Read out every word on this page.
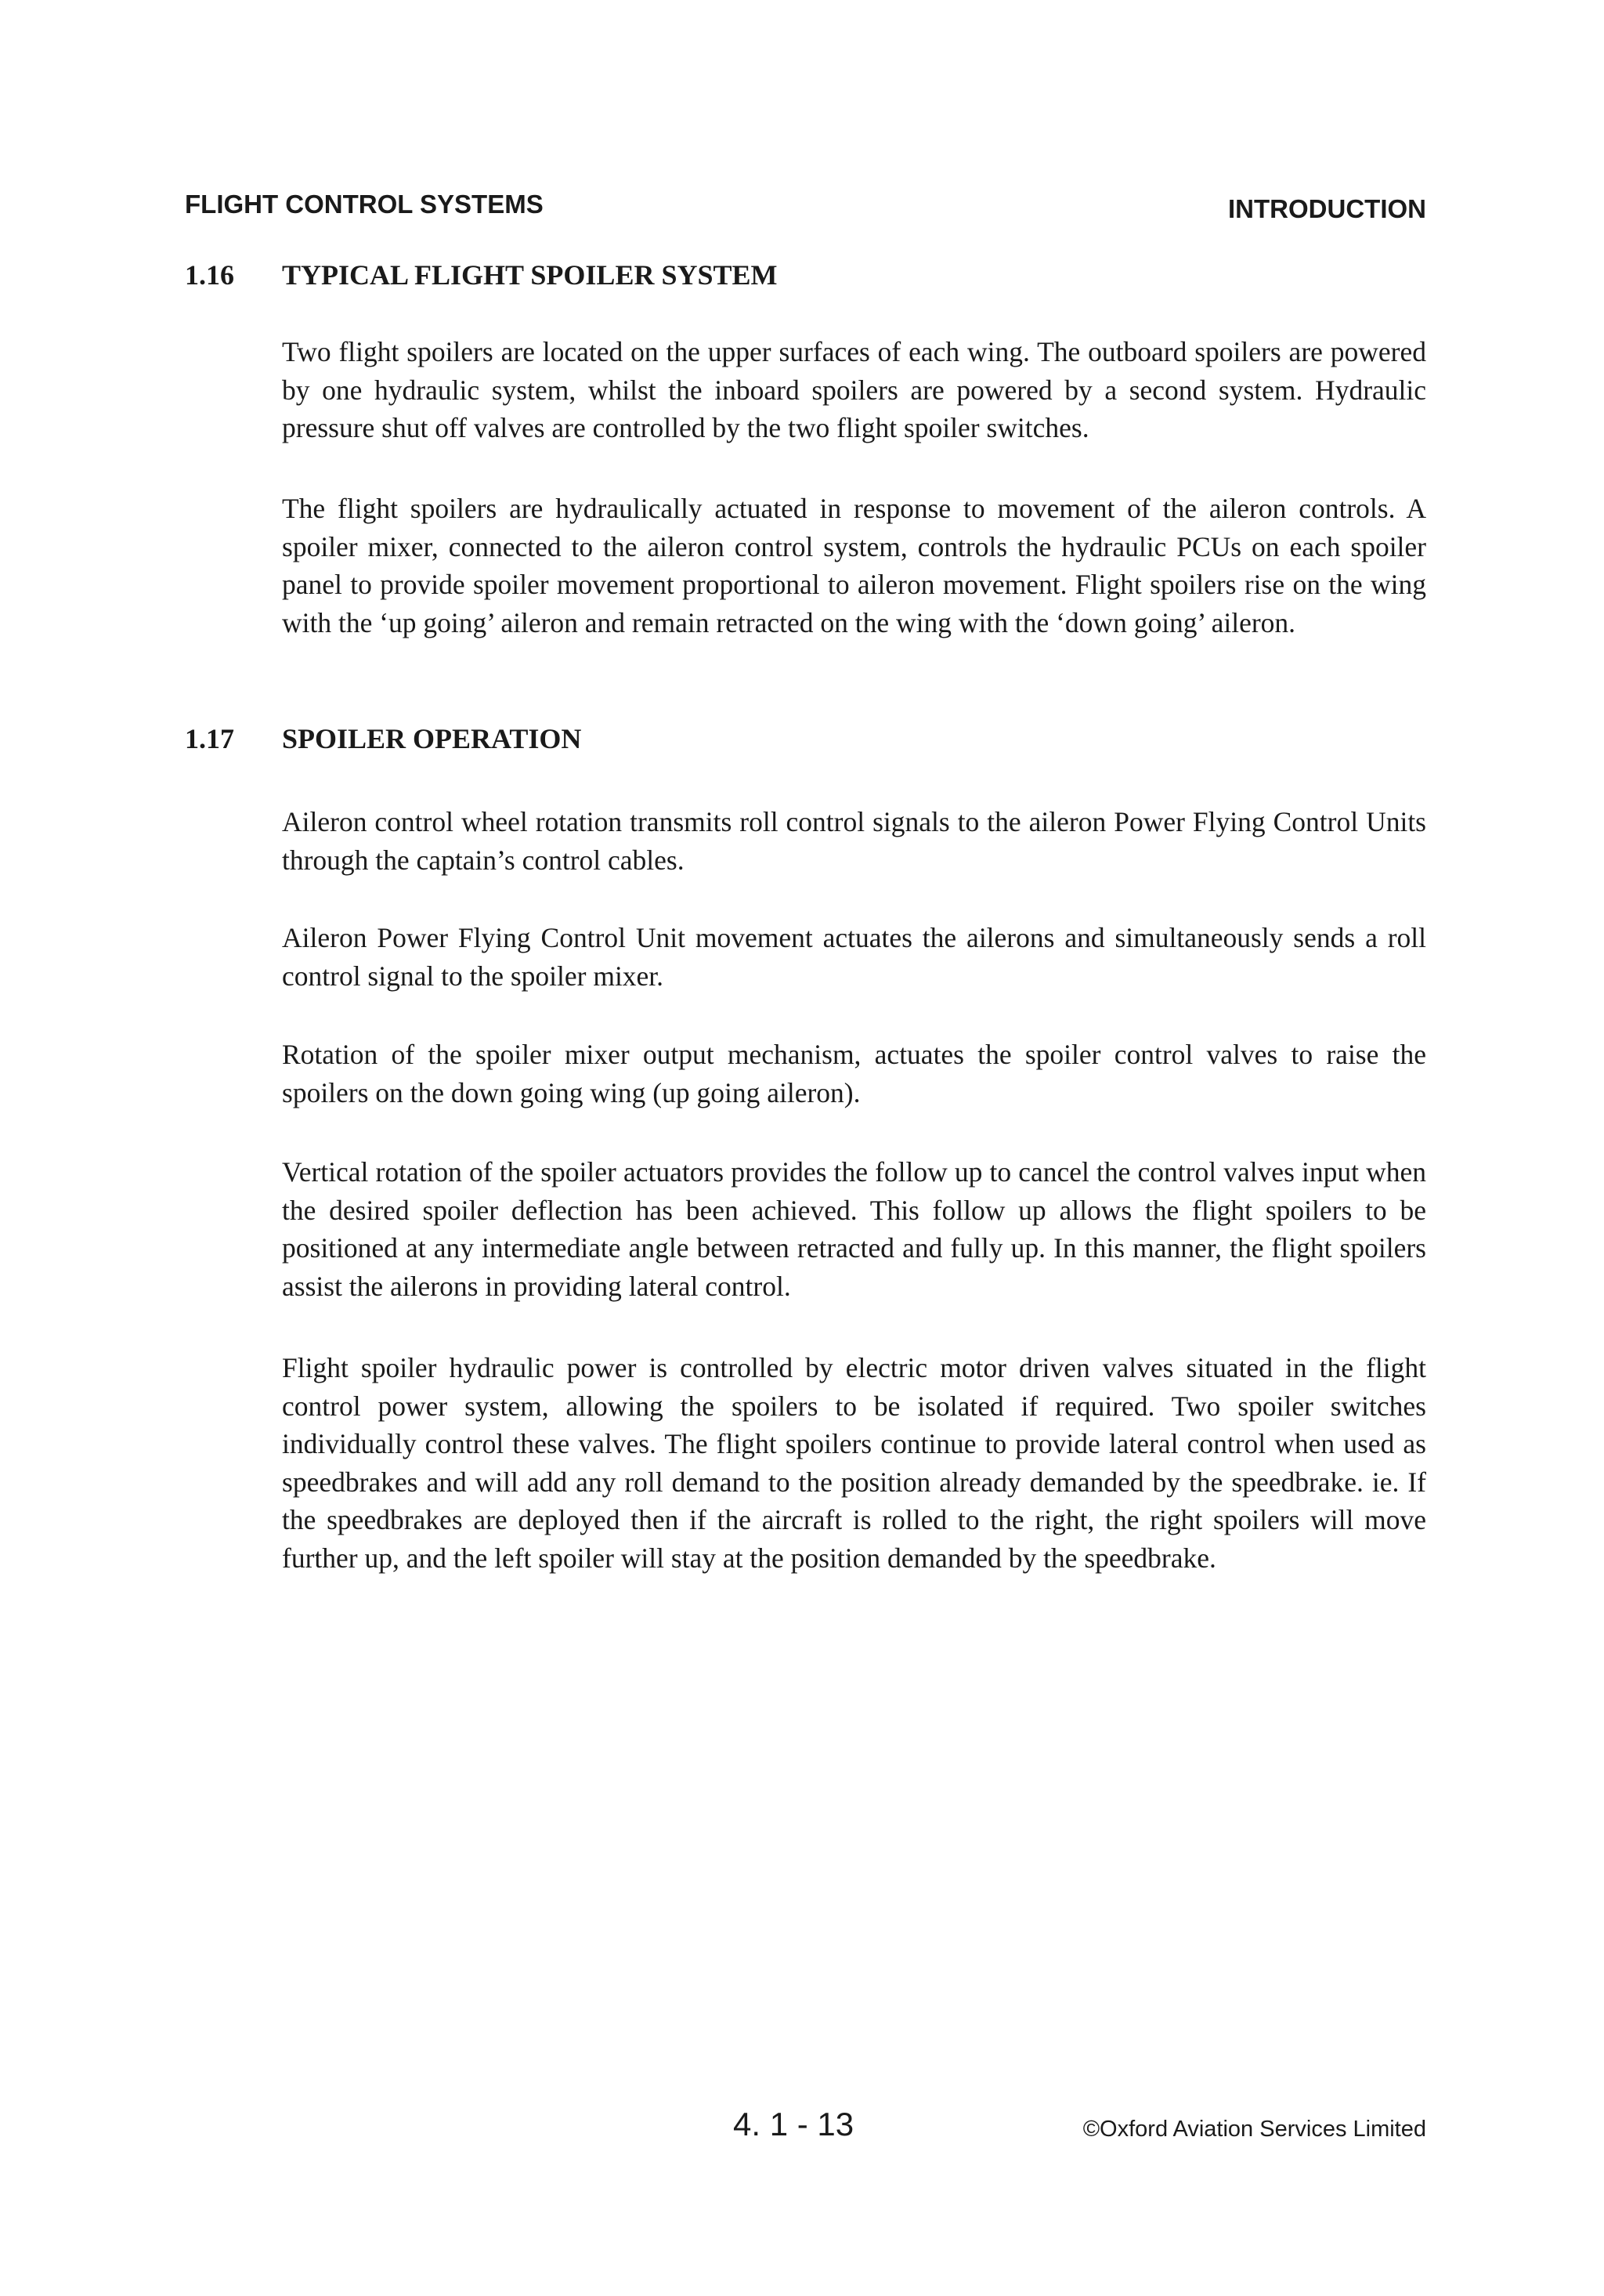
FLIGHT CONTROL SYSTEMS	INTRODUCTION
1.16 TYPICAL FLIGHT SPOILER SYSTEM

Two flight spoilers are located on the upper surfaces of each wing. The outboard spoilers are powered by one hydraulic system, whilst the inboard spoilers are powered by a second system. Hydraulic pressure shut off valves are controlled by the two flight spoiler switches.

The flight spoilers are hydraulically actuated in response to movement of the aileron controls. A spoiler mixer, connected to the aileron control system, controls the hydraulic PCUs on each spoiler panel to provide spoiler movement proportional to aileron movement. Flight spoilers rise on the wing with the ‘up going’ aileron and remain retracted on the wing with the ‘down going’ aileron.

1.17 SPOILER OPERATION

Aileron control wheel rotation transmits roll control signals to the aileron Power Flying Control Units through the captain’s control cables.

Aileron Power Flying Control Unit movement actuates the ailerons and simultaneously sends a roll control signal to the spoiler mixer.

Rotation of the spoiler mixer output mechanism, actuates the spoiler control valves to raise the spoilers on the down going wing (up going aileron).

Vertical rotation of the spoiler actuators provides the follow up to cancel the control valves input when the desired spoiler deflection has been achieved. This follow up allows the flight spoilers to be positioned at any intermediate angle between retracted and fully up. In this manner, the flight spoilers assist the ailerons in providing lateral control.

Flight spoiler hydraulic power is controlled by electric motor driven valves situated in the flight control power system, allowing the spoilers to be isolated if required. Two spoiler switches individually control these valves. The flight spoilers continue to provide lateral control when used as speedbrakes and will add any roll demand to the position already demanded by the speedbrake. ie. If the speedbrakes are deployed then if the aircraft is rolled to the right, the right spoilers will move further up, and the left spoiler will stay at the position demanded by the speedbrake.

4. 1 - 13	©Oxford Aviation Services Limited
